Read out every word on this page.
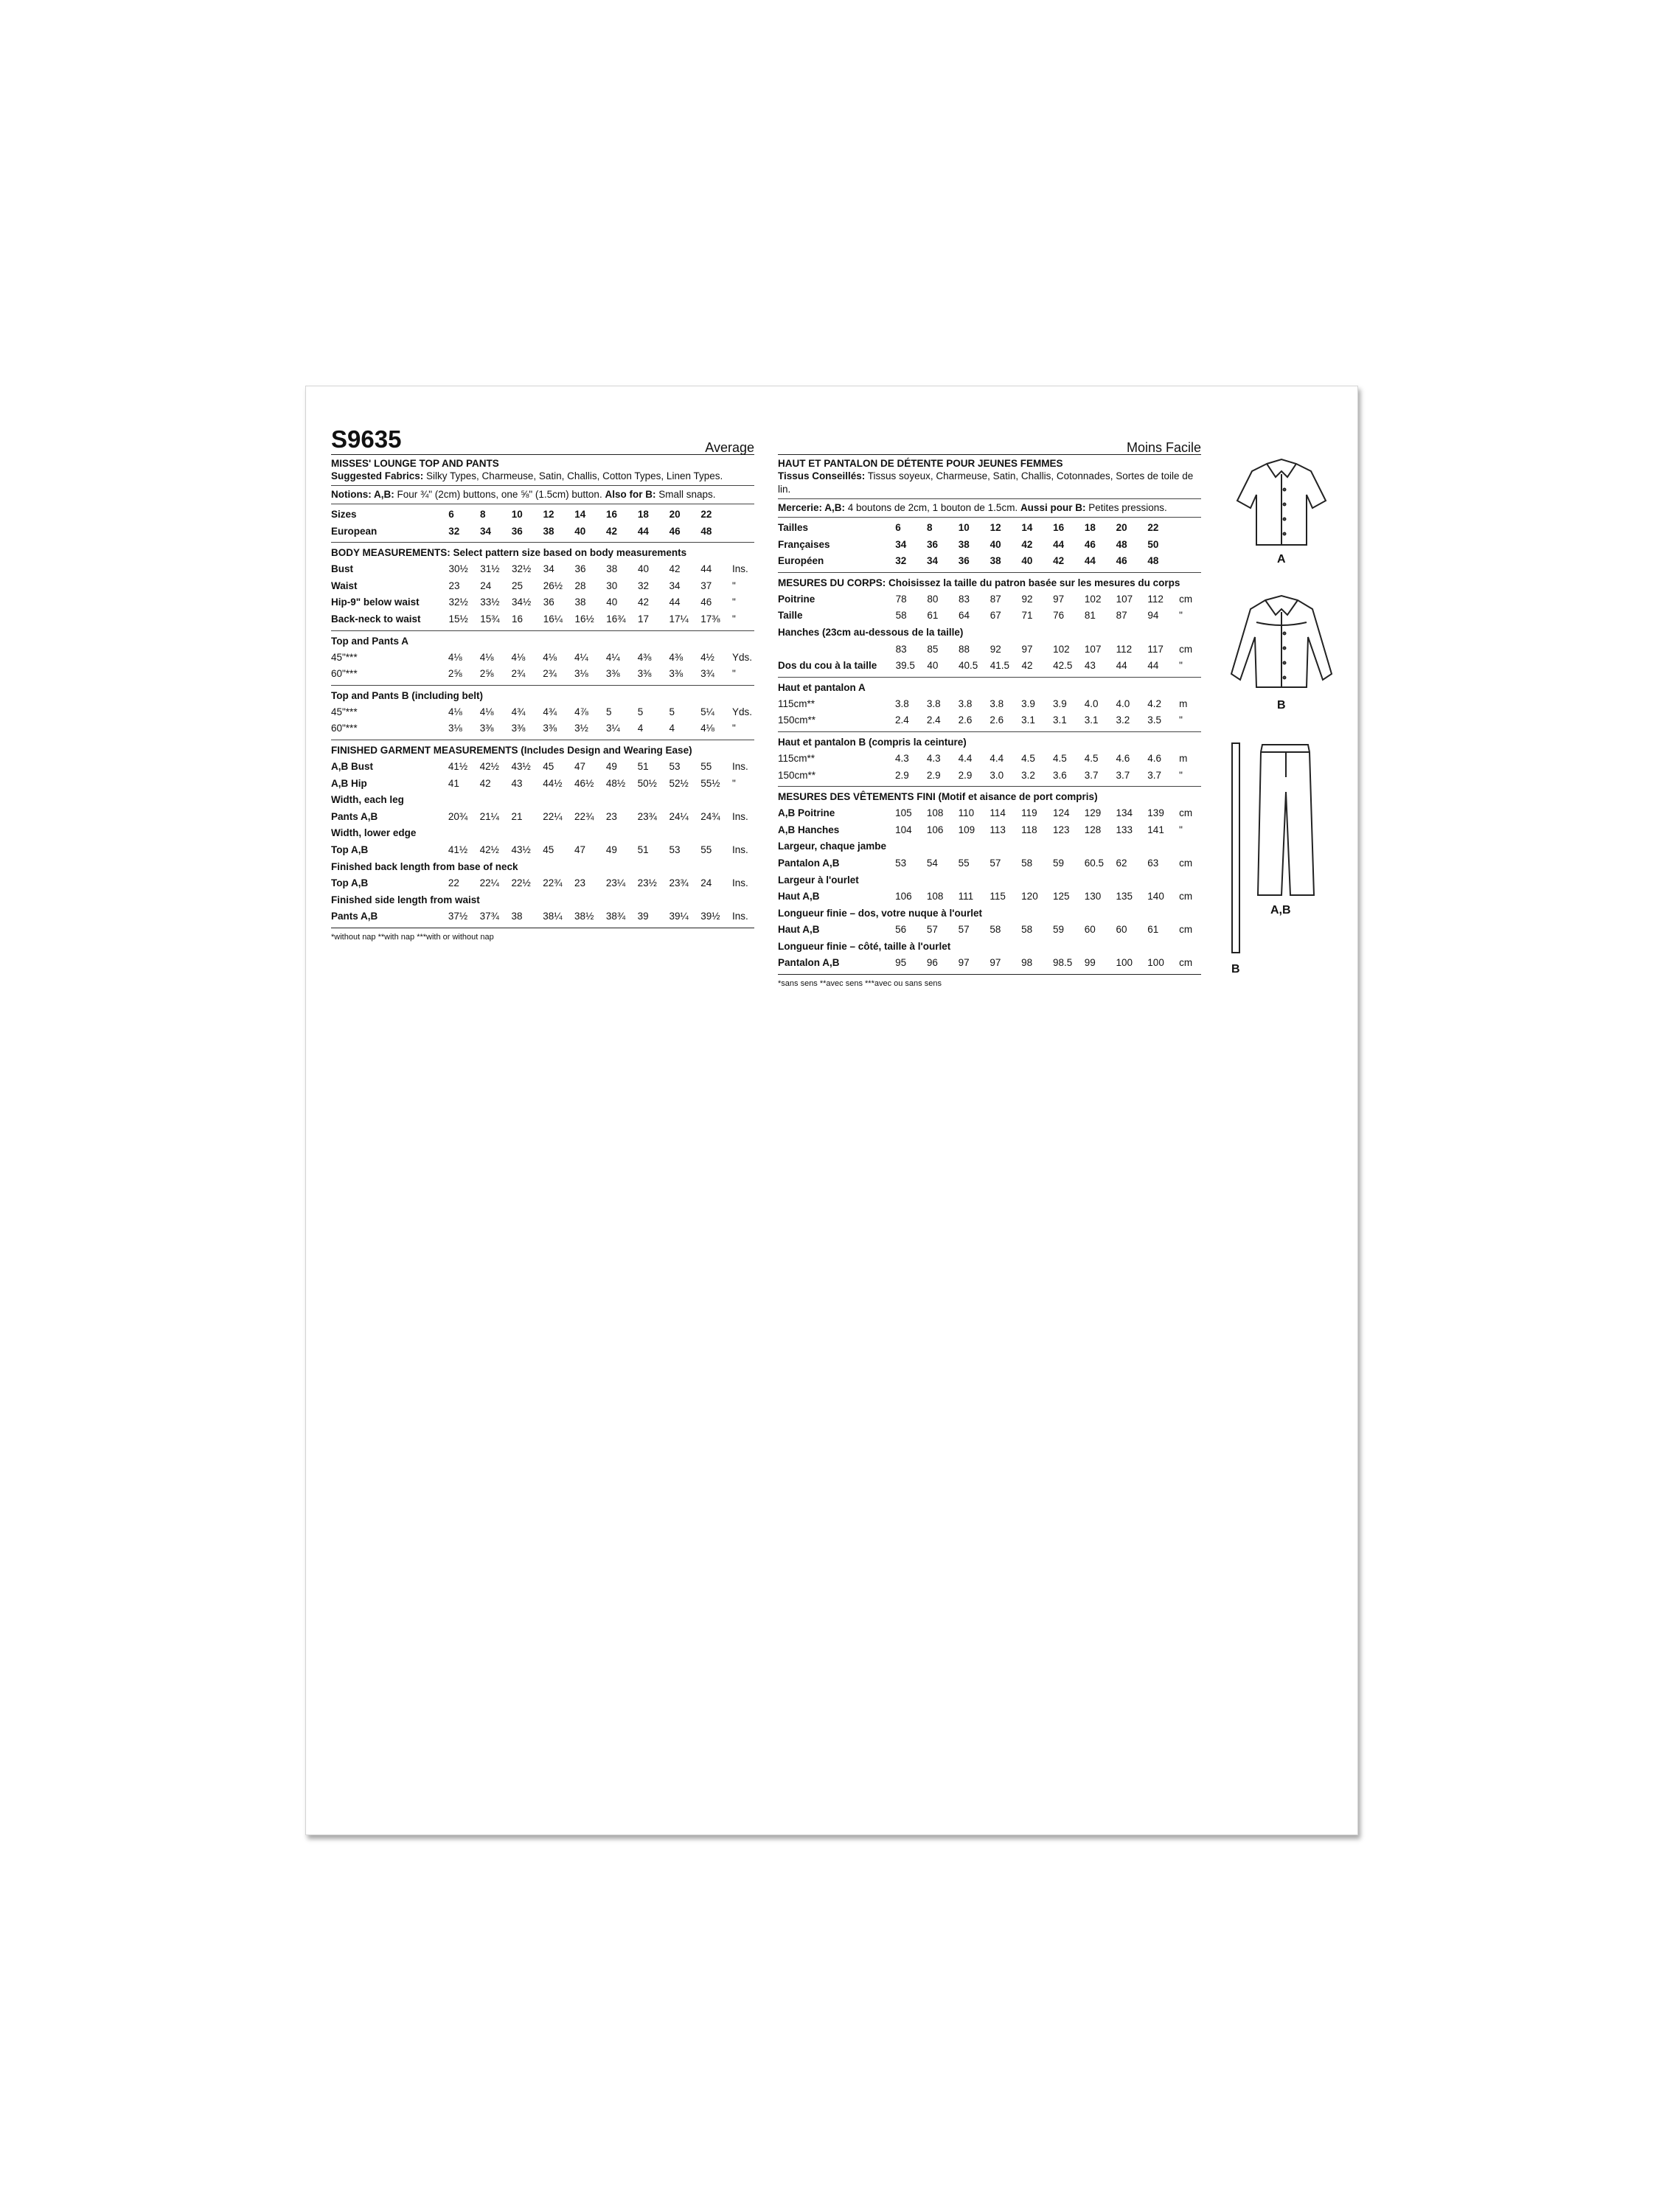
S9635	Average
MISSES' LOUNGE TOP AND PANTS
Suggested Fabrics: Silky Types, Charmeuse, Satin, Challis, Cotton Types, Linen Types.
Notions: A,B: Four ¾" (2cm) buttons, one ⅝" (1.5cm) button. Also for B: Small snaps.
Sizes	6	8	10	12	14	16	18	20	22	
European	32	34	36	38	40	42	44	46	48	
BODY MEASUREMENTS: Select pattern size based on body measurements
Bust	30½	31½	32½	34	36	38	40	42	44	Ins.
Waist	23	24	25	26½	28	30	32	34	37	"
Hip-9" below waist	32½	33½	34½	36	38	40	42	44	46	"
Back-neck to waist	15½	15¾	16	16¼	16½	16¾	17	17¼	17⅜	"
Top and Pants A
45"***	4⅛	4⅛	4⅛	4⅛	4¼	4¼	4⅜	4⅜	4½	Yds.
60"***	2⅝	2⅝	2¾	2¾	3⅛	3⅜	3⅜	3⅜	3¾	"
Top and Pants B (including belt)
45"***	4⅛	4⅛	4¾	4¾	4⅞	5	5	5	5¼	Yds.
60"***	3⅛	3⅜	3⅜	3⅜	3½	3¼	4	4	4⅛	"
FINISHED GARMENT MEASUREMENTS (Includes Design and Wearing Ease)
A,B Bust	41½	42½	43½	45	47	49	51	53	55	Ins.
A,B Hip	41	42	43	44½	46½	48½	50½	52½	55½	"
Width, each leg										
Pants A,B	20¾	21¼	21	22¼	22¾	23	23¾	24¼	24¾	Ins.
Width, lower edge										
Top A,B	41½	42½	43½	45	47	49	51	53	55	Ins.
Finished back length from base of neck										
Top A,B	22	22¼	22½	22¾	23	23¼	23½	23¾	24	Ins.
Finished side length from waist										
Pants A,B	37½	37¾	38	38¼	38½	38¾	39	39¼	39½	Ins.
*without nap **with nap ***with or without nap
Moins Facile
HAUT ET PANTALON DE DÉTENTE POUR JEUNES FEMMES
Tissus Conseillés: Tissus soyeux, Charmeuse, Satin, Challis, Cotonnades, Sortes de toile de lin.
Mercerie: A,B: 4 boutons de 2cm, 1 bouton de 1.5cm. Aussi pour B: Petites pressions.
Tailles	6	8	10	12	14	16	18	20	22	
Françaises	34	36	38	40	42	44	46	48	50	
Européen	32	34	36	38	40	42	44	46	48	
MESURES DU CORPS: Choisissez la taille du patron basée sur les mesures du corps
Poitrine	78	80	83	87	92	97	102	107	112	cm
Taille	58	61	64	67	71	76	81	87	94	"
Hanches (23cm au-dessous de la taille)										
	83	85	88	92	97	102	107	112	117	cm
Dos du cou à la taille	39.5	40	40.5	41.5	42	42.5	43	44	44	"
Haut et pantalon A
115cm**	3.8	3.8	3.8	3.8	3.9	3.9	4.0	4.0	4.2	m
150cm**	2.4	2.4	2.6	2.6	3.1	3.1	3.1	3.2	3.5	"
Haut et pantalon B (compris la ceinture)
115cm**	4.3	4.3	4.4	4.4	4.5	4.5	4.5	4.6	4.6	m
150cm**	2.9	2.9	2.9	3.0	3.2	3.6	3.7	3.7	3.7	"
MESURES DES VÊTEMENTS FINI (Motif et aisance de port compris)
A,B Poitrine	105	108	110	114	119	124	129	134	139	cm
A,B Hanches	104	106	109	113	118	123	128	133	141	"
Largeur, chaque jambe										
Pantalon A,B	53	54	55	57	58	59	60.5	62	63	cm
Largeur à l'ourlet										
Haut A,B	106	108	111	115	120	125	130	135	140	cm
Longueur finie – dos, votre nuque à l'ourlet										
Haut A,B	56	57	57	58	58	59	60	60	61	cm
Longueur finie – côté, taille à l'ourlet										
Pantalon A,B	95	96	97	97	98	98.5	99	100	100	cm
*sans sens **avec sens ***avec ou sans sens
A
B
A,B
B
